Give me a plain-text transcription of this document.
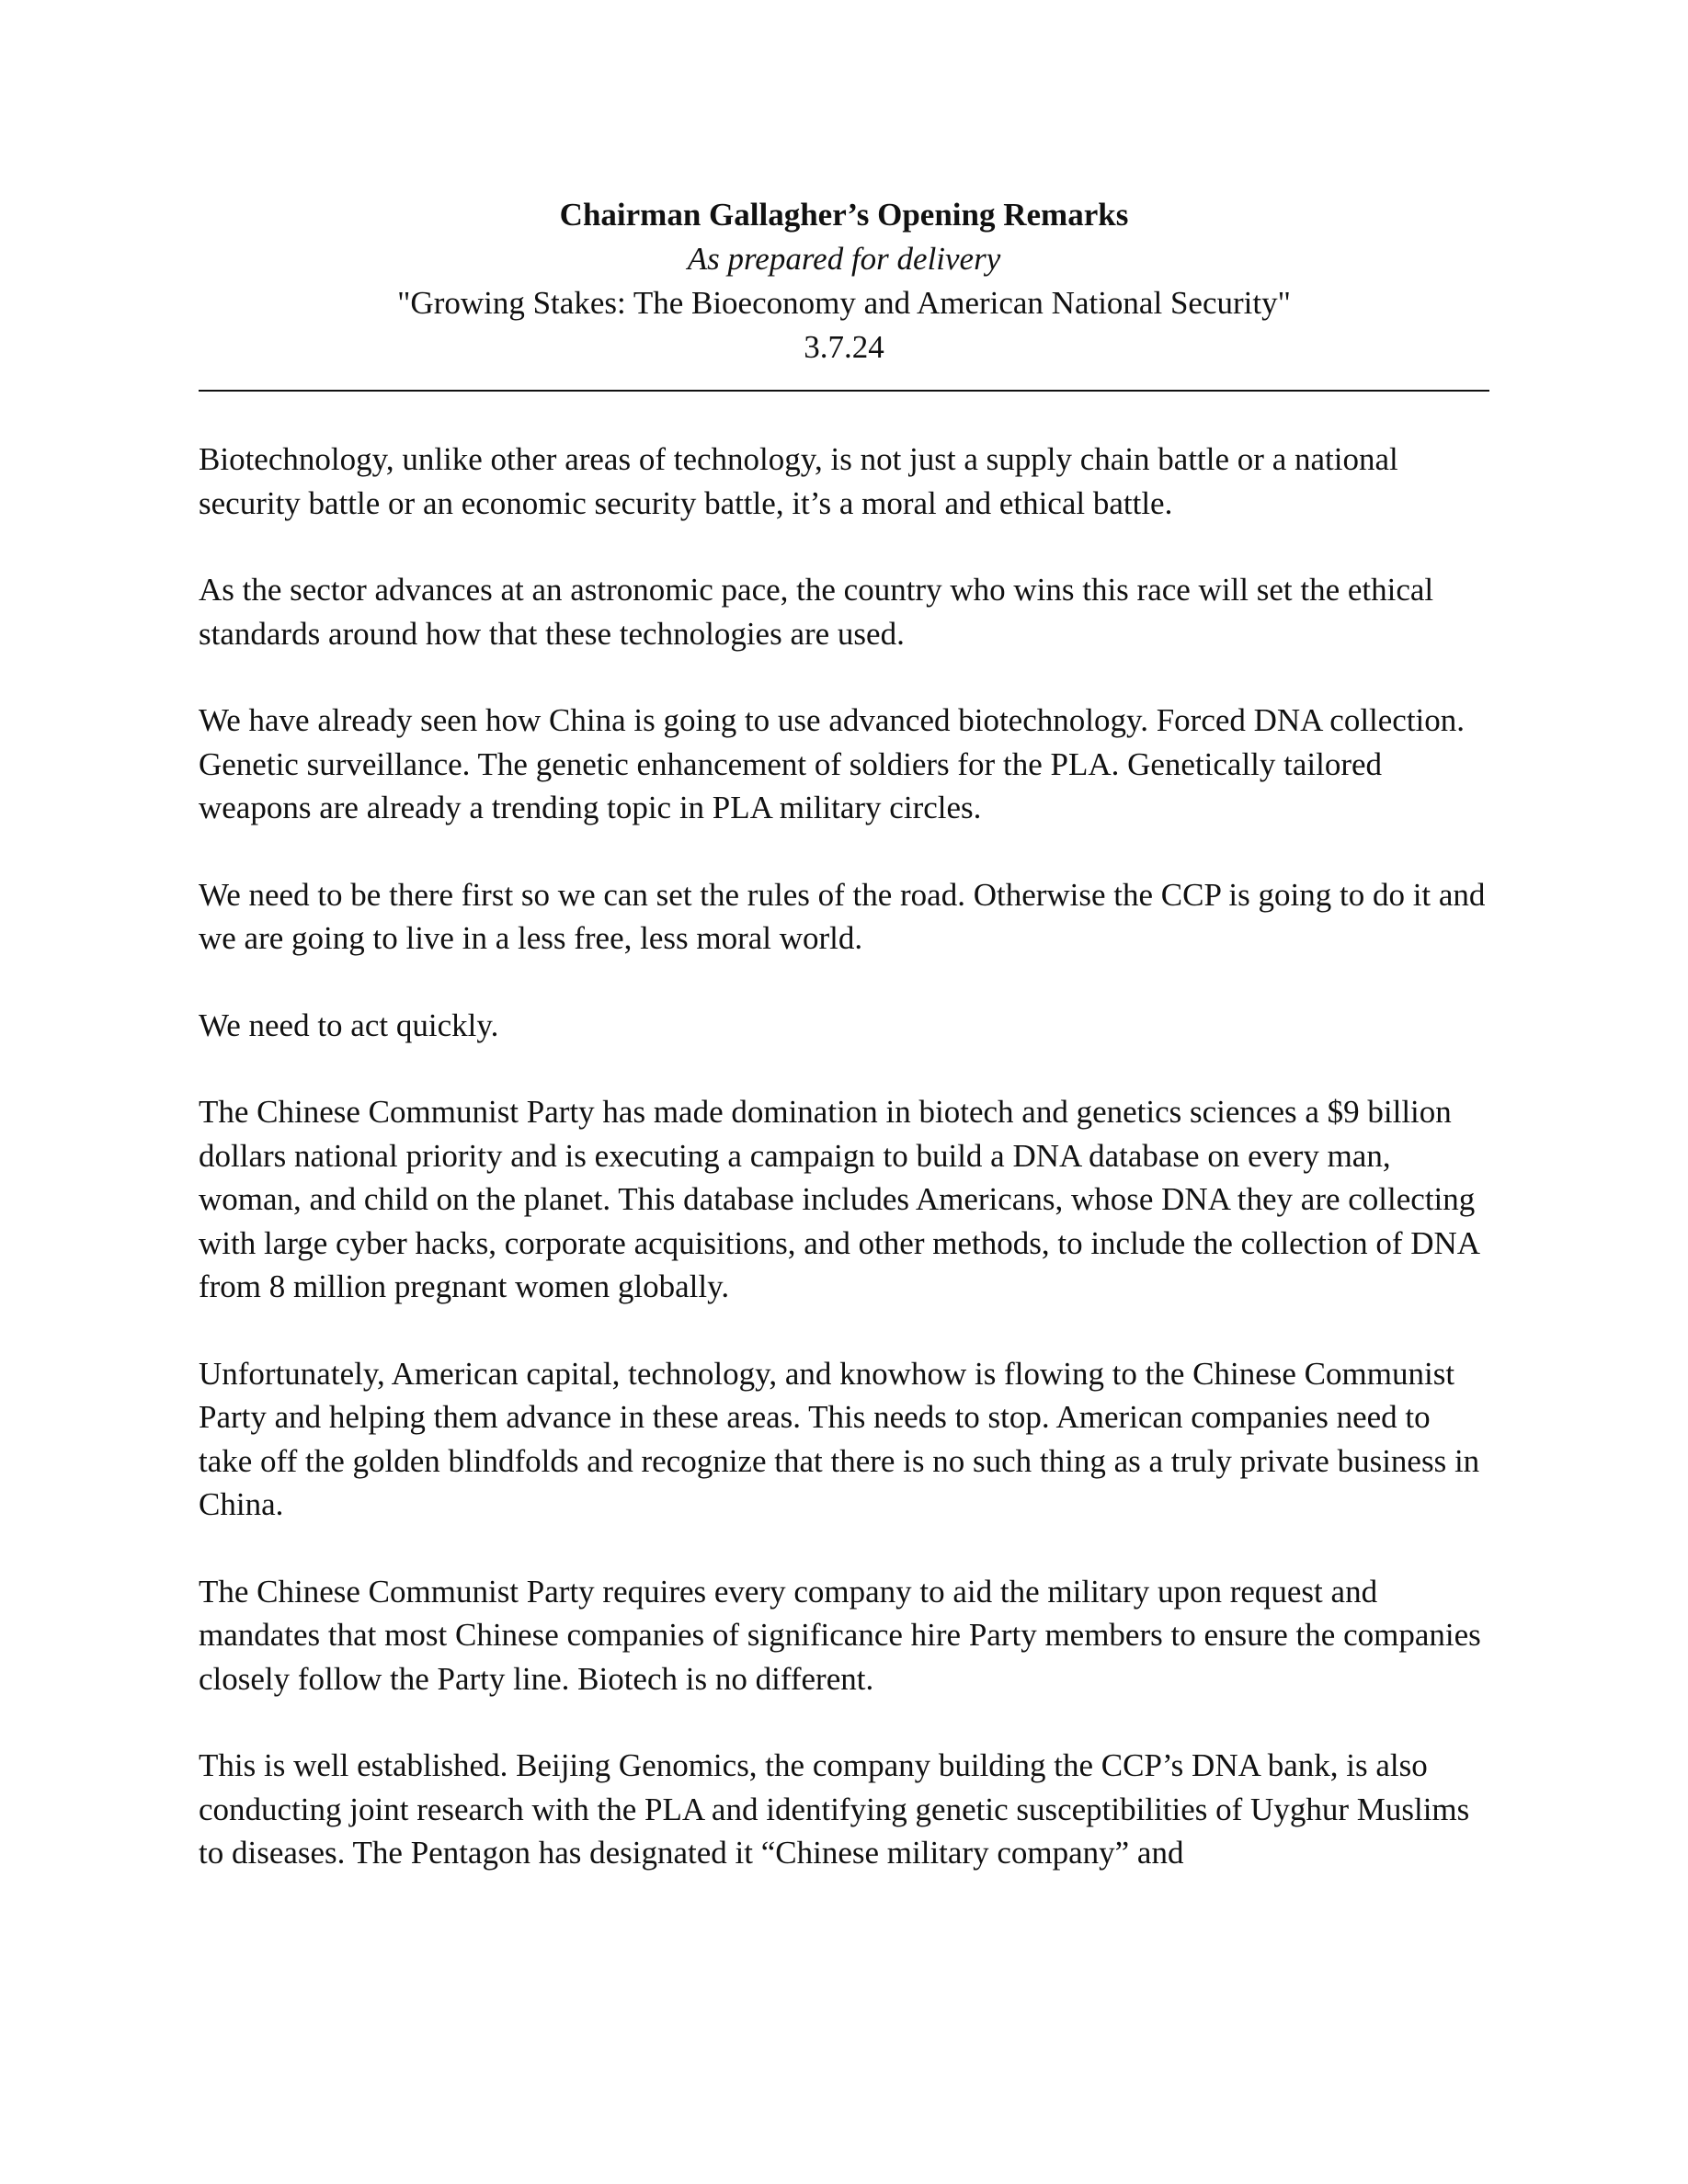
Chairman Gallagher’s Opening Remarks
As prepared for delivery
"Growing Stakes: The Bioeconomy and American National Security"
3.7.24

Biotechnology, unlike other areas of technology, is not just a supply chain battle or a national security battle or an economic security battle, it’s a moral and ethical battle.

As the sector advances at an astronomic pace, the country who wins this race will set the ethical standards around how that these technologies are used.

We have already seen how China is going to use advanced biotechnology. Forced DNA collection. Genetic surveillance. The genetic enhancement of soldiers for the PLA. Genetically tailored weapons are already a trending topic in PLA military circles.

We need to be there first so we can set the rules of the road. Otherwise the CCP is going to do it and we are going to live in a less free, less moral world.

We need to act quickly.

The Chinese Communist Party has made domination in biotech and genetics sciences a $9 billion dollars national priority and is executing a campaign to build a DNA database on every man, woman, and child on the planet. This database includes Americans, whose DNA they are collecting with large cyber hacks, corporate acquisitions, and other methods, to include the collection of DNA from 8 million pregnant women globally.

Unfortunately, American capital, technology, and knowhow is flowing to the Chinese Communist Party and helping them advance in these areas. This needs to stop. American companies need to take off the golden blindfolds and recognize that there is no such thing as a truly private business in China.

The Chinese Communist Party requires every company to aid the military upon request and mandates that most Chinese companies of significance hire Party members to ensure the companies closely follow the Party line. Biotech is no different.

This is well established. Beijing Genomics, the company building the CCP’s DNA bank, is also conducting joint research with the PLA and identifying genetic susceptibilities of Uyghur Muslims to diseases. The Pentagon has designated it “Chinese military company” and
